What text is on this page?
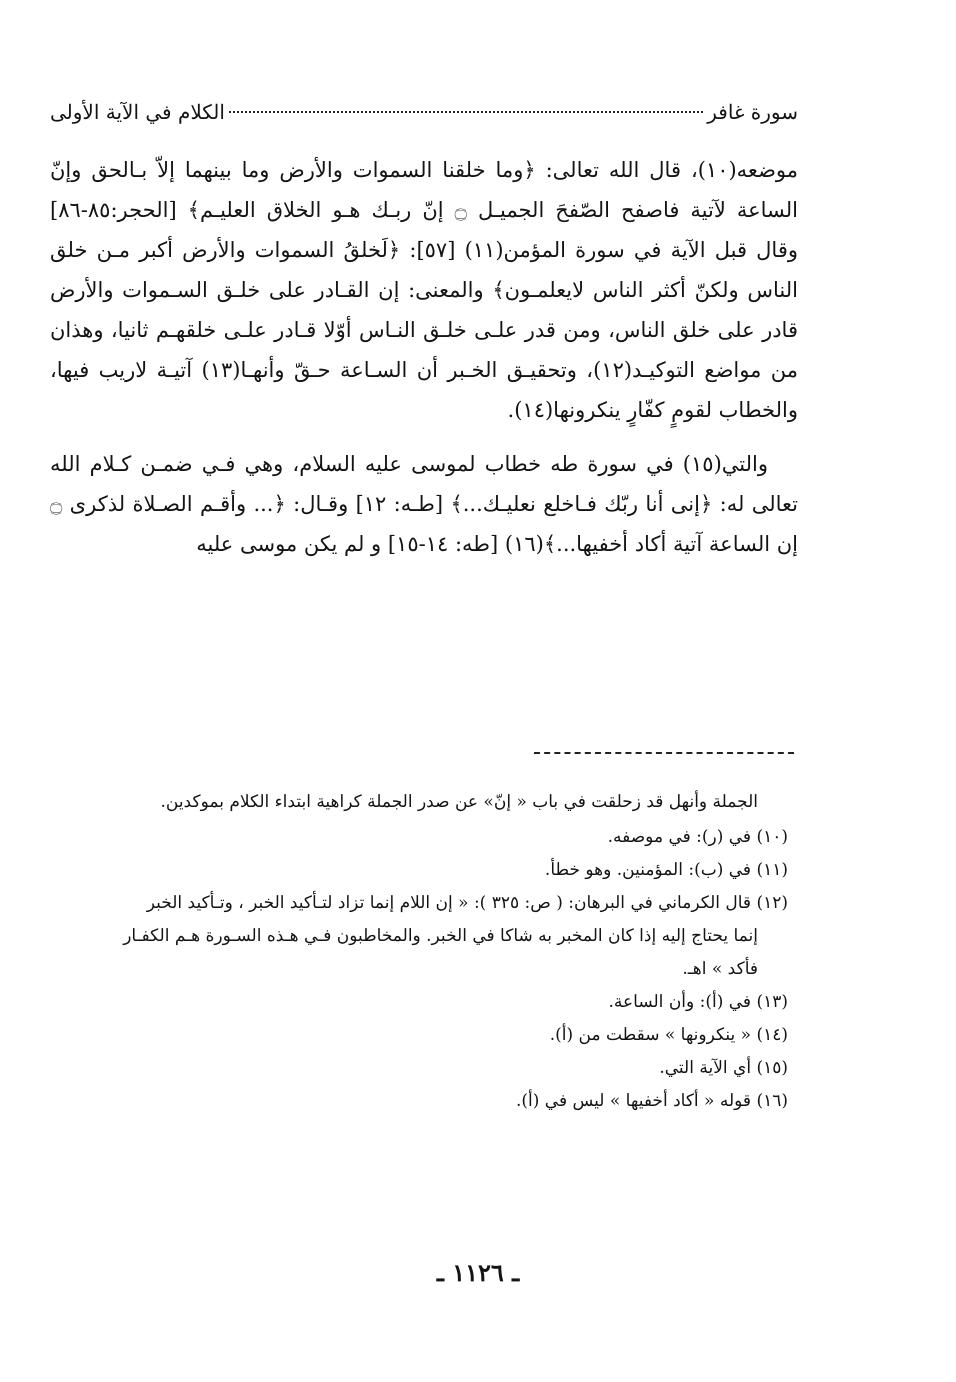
سورة غافر
الكلام في الآية الأولى

موضعه(١٠)، قال الله تعالى: ﴿وما خلقنا السموات والأرض وما بينهما إلاّ بـالحق وإنّ الساعة لآتية فاصفح الصّفحَ الجميـل ۝ إنّ ربـك هـو الخلاق العليـم﴾ [الحجر:٨٥-٨٦] وقال قبل الآية في سورة المؤمن(١١) [٥٧]: ﴿لَخلقُ السموات والأرض أكبر مـن خلق الناس ولكنّ أكثر الناس لايعلمـون﴾ والمعنى: إن القـادر على خلـق السـموات والأرض قادر على خلق الناس، ومن قدر علـى خلـق النـاس أوّلا قـادر علـى خلقهـم ثانيا، وهذان من مواضع التوكيـد(١٢)، وتحقيـق الخـبر أن السـاعة حـقّ وأنهـا(١٣) آتيـة لاريب فيها، والخطاب لقومٍ كفّارٍ ينكرونها(١٤).

والتي(١٥) في سورة طه خطاب لموسى عليه السلام، وهي فـي ضمـن كـلام الله تعالى له: ﴿إنى أنا ربّك فـاخلع نعليـك...﴾ [طـه: ١٢] وقـال: ﴿... وأقـم الصـلاة لذكرى ۝ إن الساعة آتية أكاد أخفيها...﴾(١٦) [طه: ١٤-١٥] و لم يكن موسى عليه

الجملة وأنهل قد زحلقت في باب « إنّ» عن صدر الجملة كراهية ابتداء الكلام بموكدين.

(١٠) في (ر): في موصفه.

(١١) في (ب): المؤمنين. وهو خطأ.

(١٢) قال الكرماني في البرهان: ( ص: ٣٢٥ ): « إن اللام إنما تزاد لتـأكيد الخبر ، وتـأكيد الخبر

إنما يحتاج إليه إذا كان المخبر به شاكا في الخبر. والمخاطبون فـي هـذه السـورة هـم الكفـار

فأكد » اهـ.

(١٣) في (أ): وأن الساعة.

(١٤) « ينكرونها » سقطت من (أ).

(١٥) أي الآية التي.

(١٦) قوله « أكاد أخفيها » ليس في (أ).

ـ ١١٢٦ ـ
